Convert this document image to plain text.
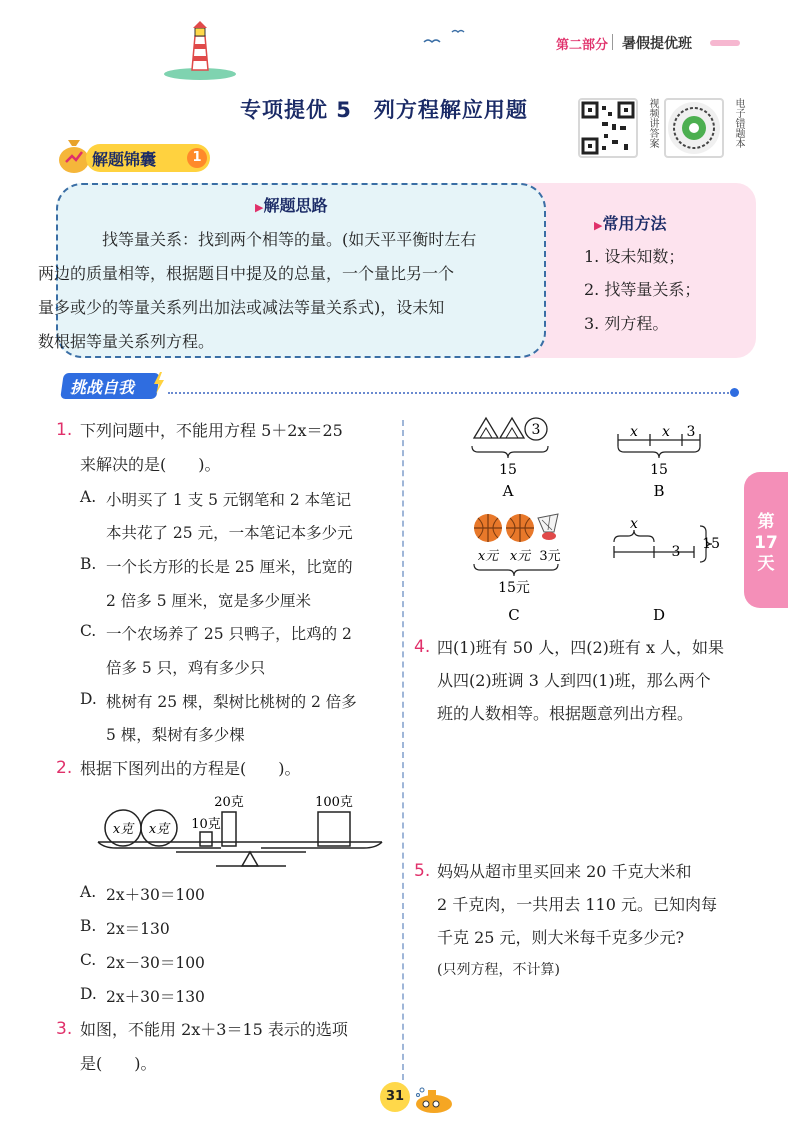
第二部分 暑假提优班
专项提优 5　列方程解应用题	视频讲答案	电子错题本
解题锦囊	1
▶解题思路
找等量关系：找到两个相等的量。(如天平平衡时左右
两边的质量相等，根据题目中提及的总量，一个量比另一个
量多或少的等量关系列出加法或减法等量关系式)，设未知
数根据等量关系列方程。
▶常用方法
1. 设未知数；
2. 找等量关系；
3. 列方程。
挑战自我
1. 下列问题中，不能用方程 5＋2x＝25
来解决的是(　　)。
A. 小明买了 1 支 5 元钢笔和 2 本笔记
本共花了 25 元，一本笔记本多少元
B. 一个长方形的长是 25 厘米，比宽的
2 倍多 5 厘米，宽是多少厘米
C. 一个农场养了 25 只鸭子，比鸡的 2
倍多 5 只，鸡有多少只
D. 桃树有 25 棵，梨树比桃树的 2 倍多
5 棵，梨树有多少棵
2. 根据下图列出的方程是(　　)。
x克 x克 10克
20克	100克
A. 2x＋30＝100
B. 2x＝130
C. 2x－30＝100
D. 2x＋30＝130
3. 如图，不能用 2x＋3＝15 表示的选项
是(　　)。
3
15
A
x x 3
15
B
x元 x元 3元
15元
C
x
3 15
D
4. 四(1)班有 50 人，四(2)班有 x 人，如果
从四(2)班调 3 人到四(1)班，那么两个
班的人数相等。根据题意列出方程。
5. 妈妈从超市里买回来 20 千克大米和
2 千克肉，一共用去 110 元。已知肉每
千克 25 元，则大米每千克多少元?
(只列方程，不计算)
第
17
天
31
